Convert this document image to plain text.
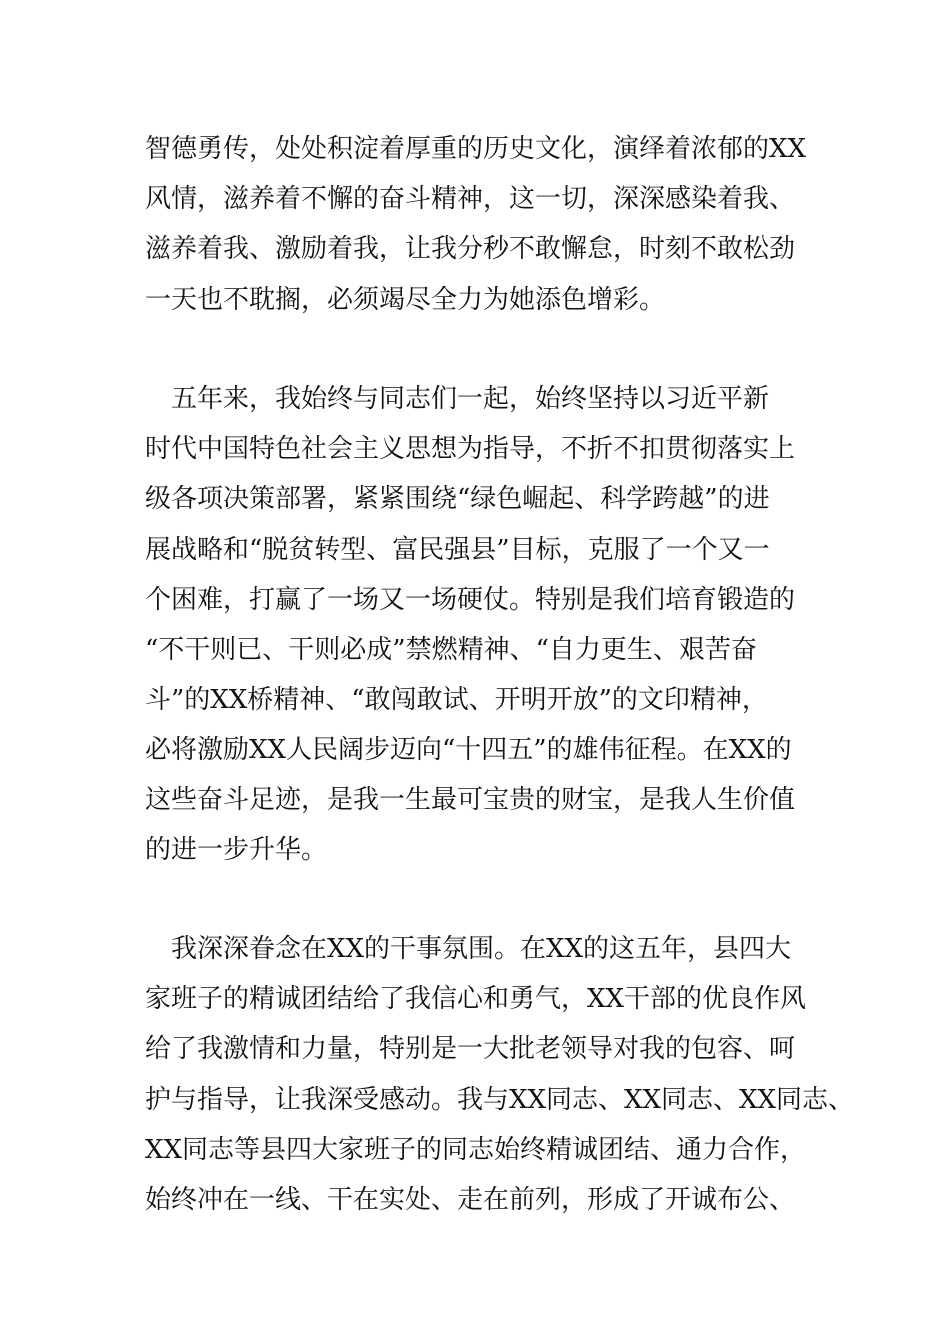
智德勇传，处处积淀着厚重的历史文化，演绎着浓郁的XX
风情，滋养着不懈的奋斗精神，这一切，深深感染着我、
滋养着我、激励着我，让我分秒不敢懈怠，时刻不敢松劲
一天也不耽搁，必须竭尽全力为她添色增彩。
　五年来，我始终与同志们一起，始终坚持以习近平新
时代中国特色社会主义思想为指导，不折不扣贯彻落实上
级各项决策部署，紧紧围绕“绿色崛起、科学跨越”的进
展战略和“脱贫转型、富民强县”目标，克服了一个又一
个困难，打赢了一场又一场硬仗。特别是我们培育锻造的
“不干则已、干则必成”禁燃精神、“自力更生、艰苦奋
斗”的XX桥精神、“敢闯敢试、开明开放”的文印精神，
必将激励XX人民阔步迈向“十四五”的雄伟征程。在XX的
这些奋斗足迹，是我一生最可宝贵的财宝，是我人生价值
的进一步升华。
　我深深眷念在XX的干事氛围。在XX的这五年，县四大
家班子的精诚团结给了我信心和勇气，XX干部的优良作风
给了我激情和力量，特别是一大批老领导对我的包容、呵
护与指导，让我深受感动。我与XX同志、XX同志、XX同志、
XX同志等县四大家班子的同志始终精诚团结、通力合作，
始终冲在一线、干在实处、走在前列，形成了开诚布公、
